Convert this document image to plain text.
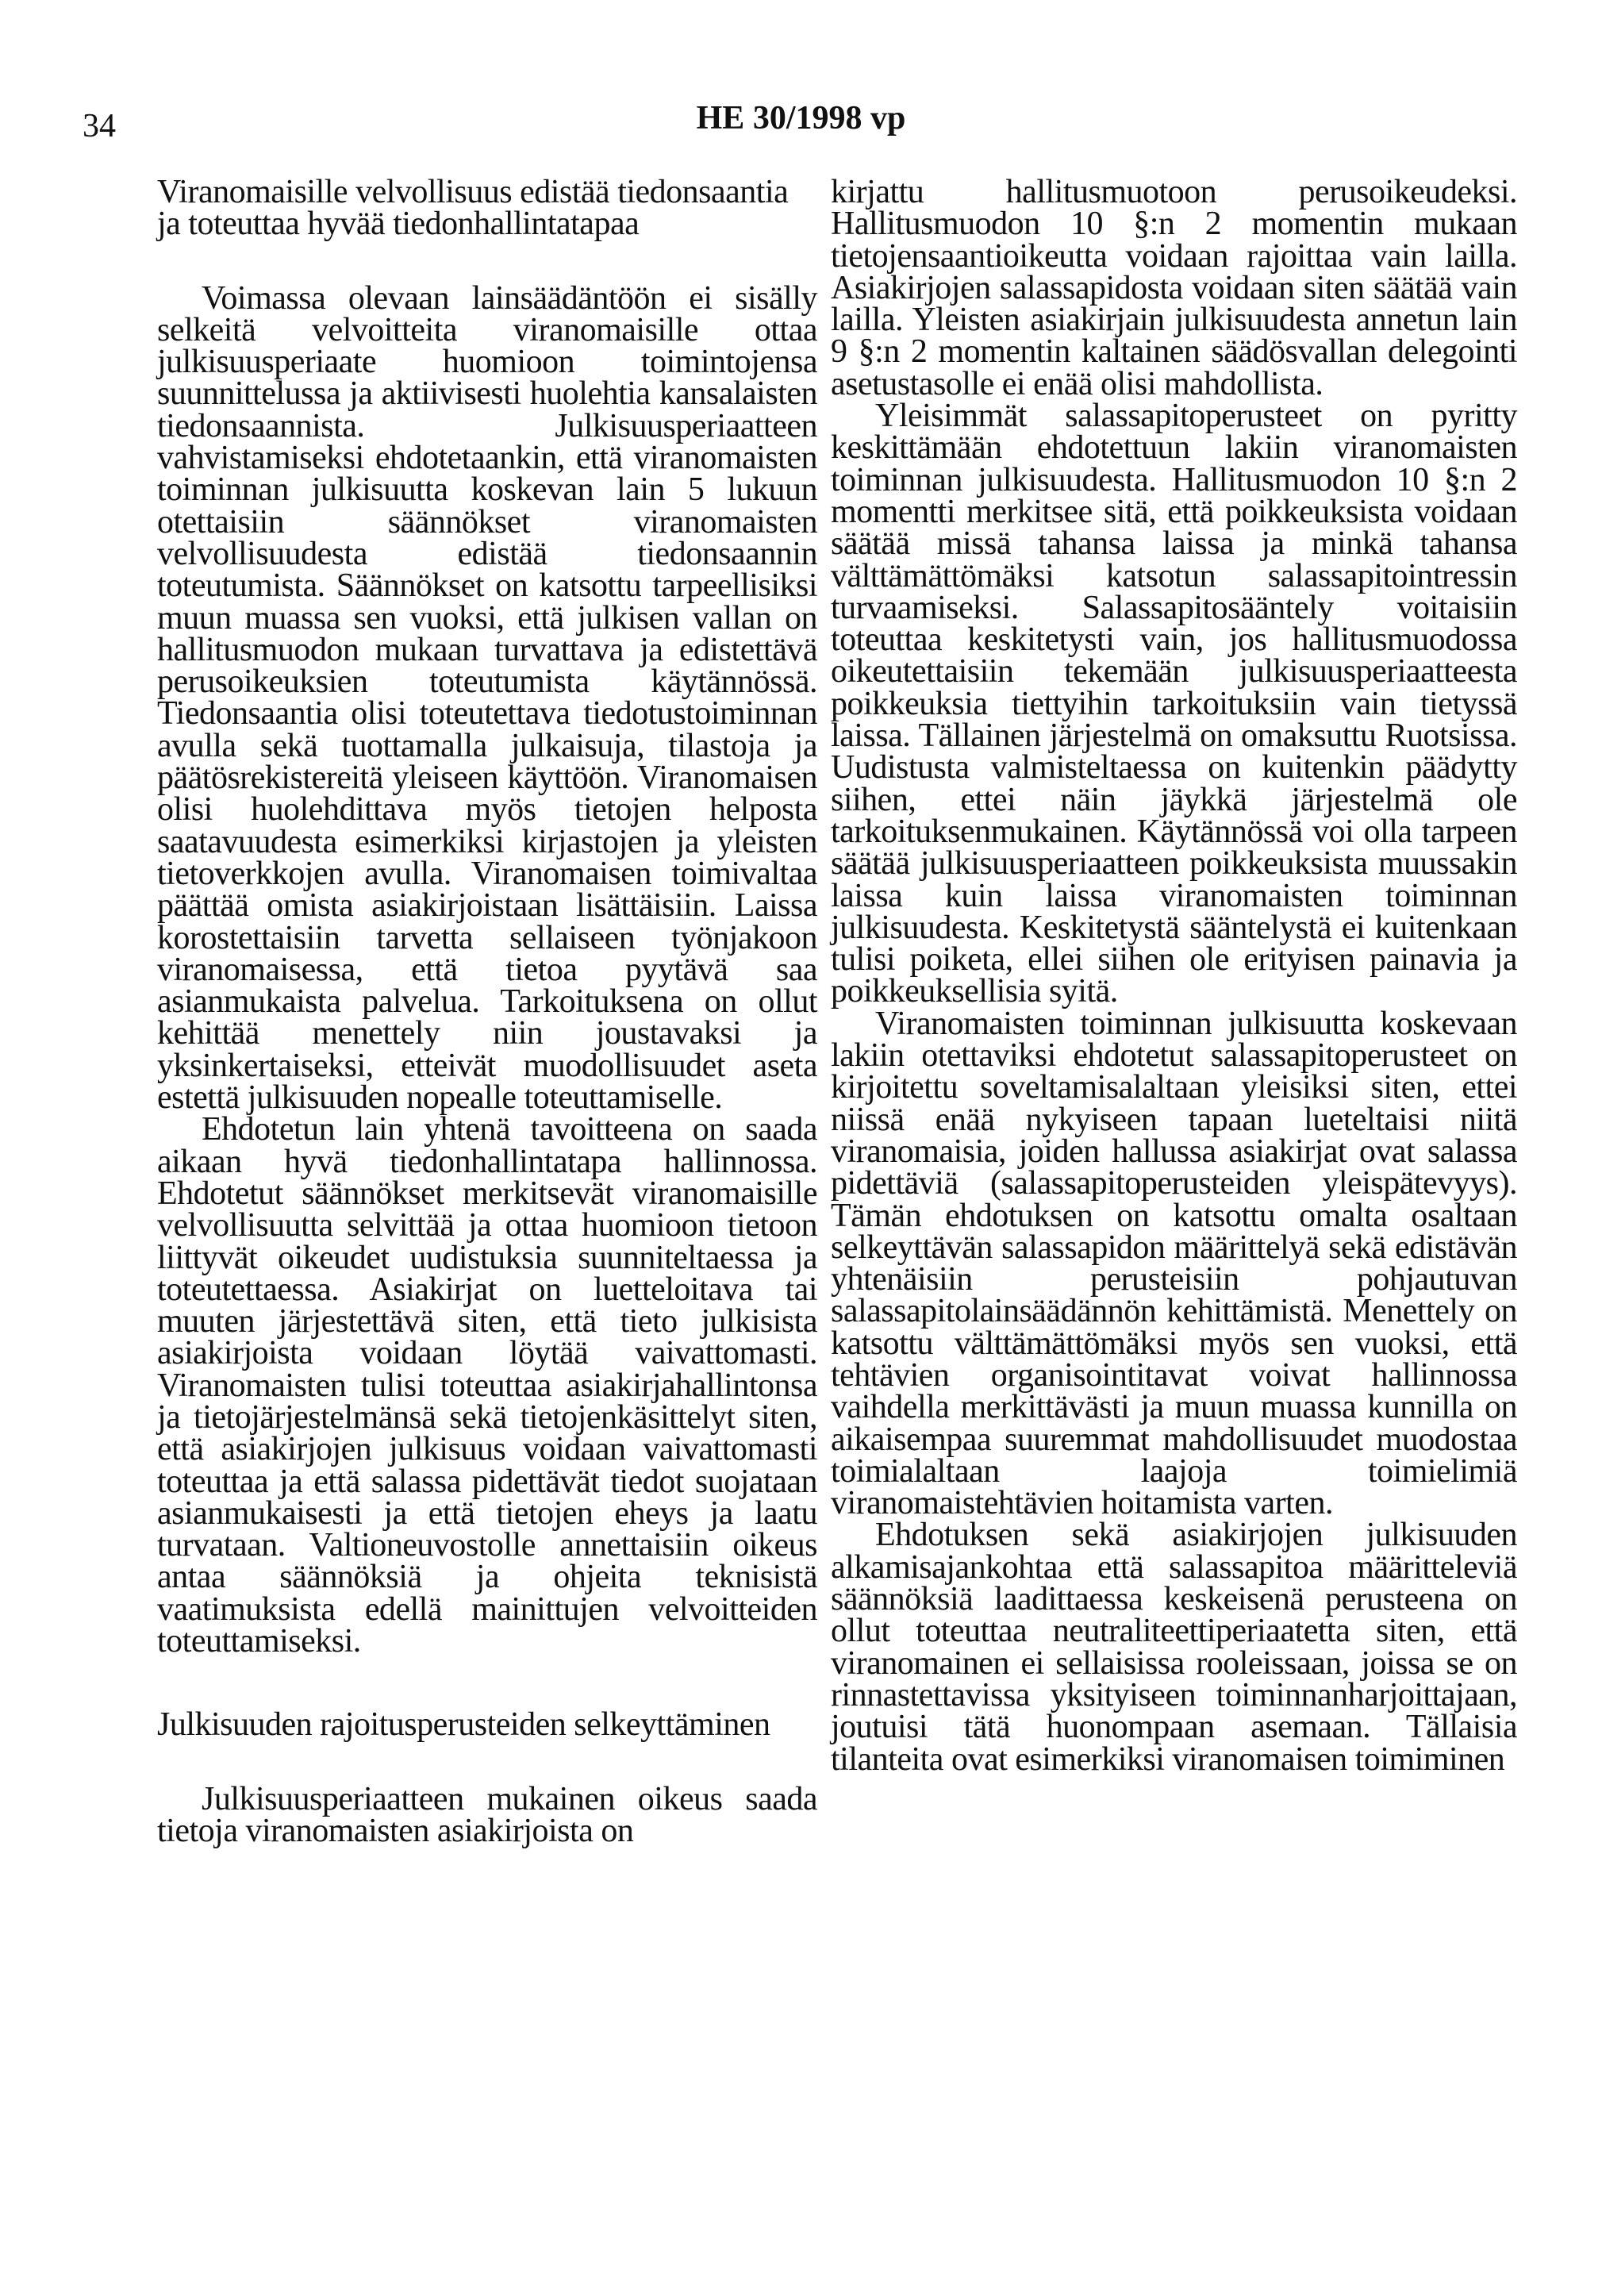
34	HE 30/1998 vp
Viranomaisille velvollisuus edistää tiedonsaantia ja toteuttaa hyvää tiedonhallintatapaa

Voimassa olevaan lainsäädäntöön ei sisälly selkeitä velvoitteita viranomaisille ottaa julkisuusperiaate huomioon toimintojensa suunnittelussa ja aktiivisesti huolehtia kansalaisten tiedonsaannista. Julkisuusperiaatteen vahvistamiseksi ehdotetaankin, että viranomaisten toiminnan julkisuutta koskevan lain 5 lukuun otettaisiin säännökset viranomaisten velvollisuudesta edistää tiedonsaannin toteutumista. Säännökset on katsottu tarpeellisiksi muun muassa sen vuoksi, että julkisen vallan on hallitusmuodon mukaan turvattava ja edistettävä perusoikeuksien toteutumista käytännössä. Tiedonsaantia olisi toteutettava tiedotustoiminnan avulla sekä tuottamalla julkaisuja, tilastoja ja päätösrekistereitä yleiseen käyttöön. Viranomaisen olisi huolehdittava myös tietojen helposta saatavuudesta esimerkiksi kirjastojen ja yleisten tietoverkkojen avulla. Viranomaisen toimivaltaa päättää omista asiakirjoistaan lisättäisiin. Laissa korostettaisiin tarvetta sellaiseen työnjakoon viranomaisessa, että tietoa pyytävä saa asianmukaista palvelua. Tarkoituksena on ollut kehittää menettely niin joustavaksi ja yksinkertaiseksi, etteivät muodollisuudet aseta estettä julkisuuden nopealle toteuttamiselle.

Ehdotetun lain yhtenä tavoitteena on saada aikaan hyvä tiedonhallintatapa hallinnossa. Ehdotetut säännökset merkitsevät viranomaisille velvollisuutta selvittää ja ottaa huomioon tietoon liittyvät oikeudet uudistuksia suunniteltaessa ja toteutettaessa. Asiakirjat on luetteloitava tai muuten järjestettävä siten, että tieto julkisista asiakirjoista voidaan löytää vaivattomasti. Viranomaisten tulisi toteuttaa asiakirjahallintonsa ja tietojärjestelmänsä sekä tietojenkäsittelyt siten, että asiakirjojen julkisuus voidaan vaivattomasti toteuttaa ja että salassa pidettävät tiedot suojataan asianmukaisesti ja että tietojen eheys ja laatu turvataan. Valtioneuvostolle annettaisiin oikeus antaa säännöksiä ja ohjeita teknisistä vaatimuksista edellä mainittujen velvoitteiden toteuttamiseksi.

Julkisuuden rajoitusperusteiden selkeyttäminen

Julkisuusperiaatteen mukainen oikeus saada tietoja viranomaisten asiakirjoista on

kirjattu hallitusmuotoon perusoikeudeksi. Hallitusmuodon 10 §:n 2 momentin mukaan tietojensaantioikeutta voidaan rajoittaa vain lailla. Asiakirjojen salassapidosta voidaan siten säätää vain lailla. Yleisten asiakirjain julkisuudesta annetun lain 9 §:n 2 momentin kaltainen säädösvallan delegointi asetustasolle ei enää olisi mahdollista.

Yleisimmät salassapitoperusteet on pyritty keskittämään ehdotettuun lakiin viranomaisten toiminnan julkisuudesta. Hallitusmuodon 10 §:n 2 momentti merkitsee sitä, että poikkeuksista voidaan säätää missä tahansa laissa ja minkä tahansa välttämättömäksi katsotun salassapitointressin turvaamiseksi. Salassapitosääntely voitaisiin toteuttaa keskitetysti vain, jos hallitusmuodossa oikeutettaisiin tekemään julkisuusperiaatteesta poikkeuksia tiettyihin tarkoituksiin vain tietyssä laissa. Tällainen järjestelmä on omaksuttu Ruotsissa. Uudistusta valmisteltaessa on kuitenkin päädytty siihen, ettei näin jäykkä järjestelmä ole tarkoituksenmukainen. Käytännössä voi olla tarpeen säätää julkisuusperiaatteen poikkeuksista muussakin laissa kuin laissa viranomaisten toiminnan julkisuudesta. Keskitetystä sääntelystä ei kuitenkaan tulisi poiketa, ellei siihen ole erityisen painavia ja poikkeuksellisia syitä.

Viranomaisten toiminnan julkisuutta koskevaan lakiin otettaviksi ehdotetut salassapitoperusteet on kirjoitettu soveltamisalaltaan yleisiksi siten, ettei niissä enää nykyiseen tapaan lueteltaisi niitä viranomaisia, joiden hallussa asiakirjat ovat salassa pidettäviä (salassapitoperusteiden yleispätevyys). Tämän ehdotuksen on katsottu omalta osaltaan selkeyttävän salassapidon määrittelyä sekä edistävän yhtenäisiin perusteisiin pohjautuvan salassapitolainsäädännön kehittämistä. Menettely on katsottu välttämättömäksi myös sen vuoksi, että tehtävien organisointitavat voivat hallinnossa vaihdella merkittävästi ja muun muassa kunnilla on aikaisempaa suuremmat mahdollisuudet muodostaa toimialaltaan laajoja toimielimiä viranomaistehtävien hoitamista varten.

Ehdotuksen sekä asiakirjojen julkisuuden alkamisajankohtaa että salassapitoa määritteleviä säännöksiä laadittaessa keskeisenä perusteena on ollut toteuttaa neutraliteettiperiaatetta siten, että viranomainen ei sellaisissa rooleissaan, joissa se on rinnastettavissa yksityiseen toiminnanharjoittajaan, joutuisi tätä huonompaan asemaan. Tällaisia tilanteita ovat esimerkiksi viranomaisen toimiminen
